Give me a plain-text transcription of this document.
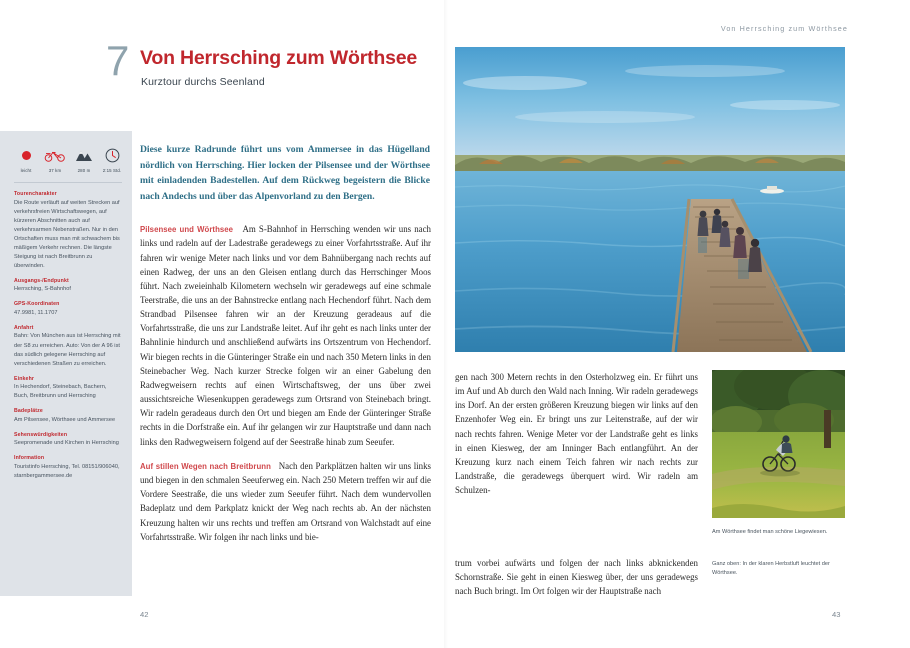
Von Herrsching zum Wörthsee
7 Von Herrsching zum Wörthsee
Kurztour durchs Seenland
Diese kurze Radrunde führt uns vom Ammersee in das Hügelland nördlich von Herrsching. Hier locken der Pilsensee und der Wörthsee mit einladenden Badestellen. Auf dem Rückweg begeistern die Blicke nach Andechs und über das Alpenvorland zu den Bergen.
leicht	37 km	280 m	2:15 Std.
Tourencharakter
Die Route verläuft auf weiten Strecken auf verkehrsfreien Wirtschaftswegen, auf kürzeren Abschnitten auch auf verkehrsarmen Nebenstraßen. Nur in den Ortschaften muss man mit schwachem bis mäßigem Verkehr rechnen. Die längste Steigung ist nach Breitbrunn zu überwinden.
Ausgangs-/Endpunkt
Herrsching, S-Bahnhof
GPS-Koordinaten
47.9981, 11.1707
Anfahrt
Bahn: Von München aus ist Herrsching mit der S8 zu erreichen. Auto: Von der A 96 ist das südlich gelegene Herrsching auf verschiedenen Straßen zu erreichen.
Einkehr
In Hechendorf, Steinebach, Bachern, Buch, Breitbrunn und Herrsching
Badeplätze
Am Pilsensee, Wörthsee und Ammersee
Sehenswürdigkeiten
Seepromenade und Kirchen in Herrsching
Information
Touristinfo Herrsching, Tel. 08151/906040, starnbergammersee.de

Pilsensee und Wörthsee Am S-Bahnhof in Herrsching wenden wir uns nach links und radeln auf der Ladestraße geradewegs zu einer Vorfahrtsstraße. Auf ihr fahren wir wenige Meter nach links und vor dem Bahnübergang nach rechts auf einen Radweg, der uns an den Gleisen entlang durch das Herrschinger Moos führt. Nach zweieinhalb Kilometern wechseln wir geradewegs auf eine schmale Teerstraße, die uns an der Bahnstrecke entlang nach Hechendorf führt. Nach dem Strandbad Pilsensee fahren wir an der Kreuzung geradeaus auf die Vorfahrtsstraße, die uns zur Landstraße leitet. Auf ihr geht es nach links unter der Bahnlinie hindurch und anschließend aufwärts ins Ortszentrum von Hechendorf. Wir biegen rechts in die Günteringer Straße ein und nach 350 Metern links in den Steinebacher Weg. Nach kurzer Strecke folgen wir an einer Gabelung den Radwegweisern rechts auf einen Wirtschaftsweg, der uns über zwei aussichtsreiche Wiesenkuppen geradewegs zum Ortsrand von Steinebach bringt. Wir radeln geradeaus durch den Ort und biegen am Ende der Günteringer Straße rechts in die Dorfstraße ein. Auf ihr gelangen wir zur Hauptstraße und dann nach links den Radwegweisern folgend auf der Seestraße hinab zum Seeufer.

Auf stillen Wegen nach Breitbrunn Nach den Parkplätzen halten wir uns links und biegen in den schmalen Seeuferweg ein. Nach 250 Metern treffen wir auf die Vordere Seestraße, die uns wieder zum Seeufer führt. Nach dem wundervollen Badeplatz und dem Parkplatz knickt der Weg nach rechts ab. An der nächsten Kreuzung halten wir uns rechts und treffen am Ortsrand von Walchstadt auf eine Vorfahrtsstraße. Wir folgen ihr nach links und bie-

gen nach 300 Metern rechts in den Osterholzweg ein. Er führt uns im Auf und Ab durch den Wald nach Inning. Wir radeln geradewegs ins Dorf. An der ersten größeren Kreuzung biegen wir links auf den Enzenhofer Weg ein. Er bringt uns zur Leitenstraße, auf der wir nach rechts fahren. Wenige Meter vor der Landstraße geht es links in einen Kiesweg, der am Inninger Bach entlangführt. An der Kreuzung kurz nach einem Teich fahren wir nach rechts zur Landstraße, die geradewegs überquert wird. Wir radeln am Schulzen-

trum vorbei aufwärts und folgen der nach links abknickenden Schornstraße. Sie geht in einen Kiesweg über, der uns geradewegs nach Buch bringt. Im Ort folgen wir der Hauptstraße nach

Am Wörthsee findet man schöne Liegewiesen.
Ganz oben: In der klaren Herbstluft leuchtet der Wörthsee.
42	43
